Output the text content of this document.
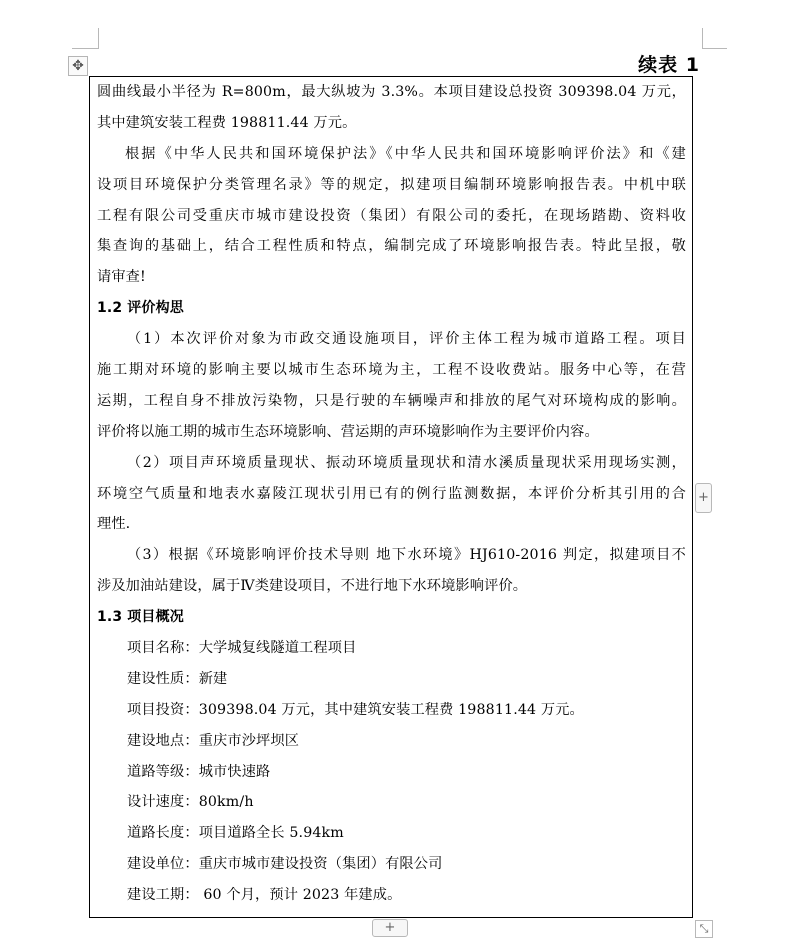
✥	续表 1
圆曲线最小半径为 R=800m，最大纵坡为 3.3%。本项目建设总投资 309398.04 万元，
其中建筑安装工程费 198811.44 万元。
根据《中华人民共和国环境保护法》《中华人民共和国环境影响评价法》和《建
设项目环境保护分类管理名录》等的规定，拟建项目编制环境影响报告表。中机中联
工程有限公司受重庆市城市建设投资（集团）有限公司的委托，在现场踏勘、资料收
集查询的基础上，结合工程性质和特点，编制完成了环境影响报告表。特此呈报，敬
请审查!
1.2 评价构思
（1）本次评价对象为市政交通设施项目，评价主体工程为城市道路工程。项目
施工期对环境的影响主要以城市生态环境为主，工程不设收费站。服务中心等，在营
运期，工程自身不排放污染物，只是行驶的车辆噪声和排放的尾气对环境构成的影响。
评价将以施工期的城市生态环境影响、营运期的声环境影响作为主要评价内容。
（2）项目声环境质量现状、振动环境质量现状和清水溪质量现状采用现场实测，
环境空气质量和地表水嘉陵江现状引用已有的例行监测数据，本评价分析其引用的合
理性.
（3）根据《环境影响评价技术导则 地下水环境》HJ610-2016 判定，拟建项目不
涉及加油站建设，属于Ⅳ类建设项目，不进行地下水环境影响评价。
1.3 项目概况
项目名称：大学城复线隧道工程项目
建设性质：新建
项目投资：309398.04 万元，其中建筑安装工程费 198811.44 万元。
建设地点：重庆市沙坪坝区
道路等级：城市快速路
设计速度：80km/h
道路长度：项目道路全长 5.94km
建设单位：重庆市城市建设投资（集团）有限公司
建设工期： 60 个月，预计 2023 年建成。
+
+	⤡
